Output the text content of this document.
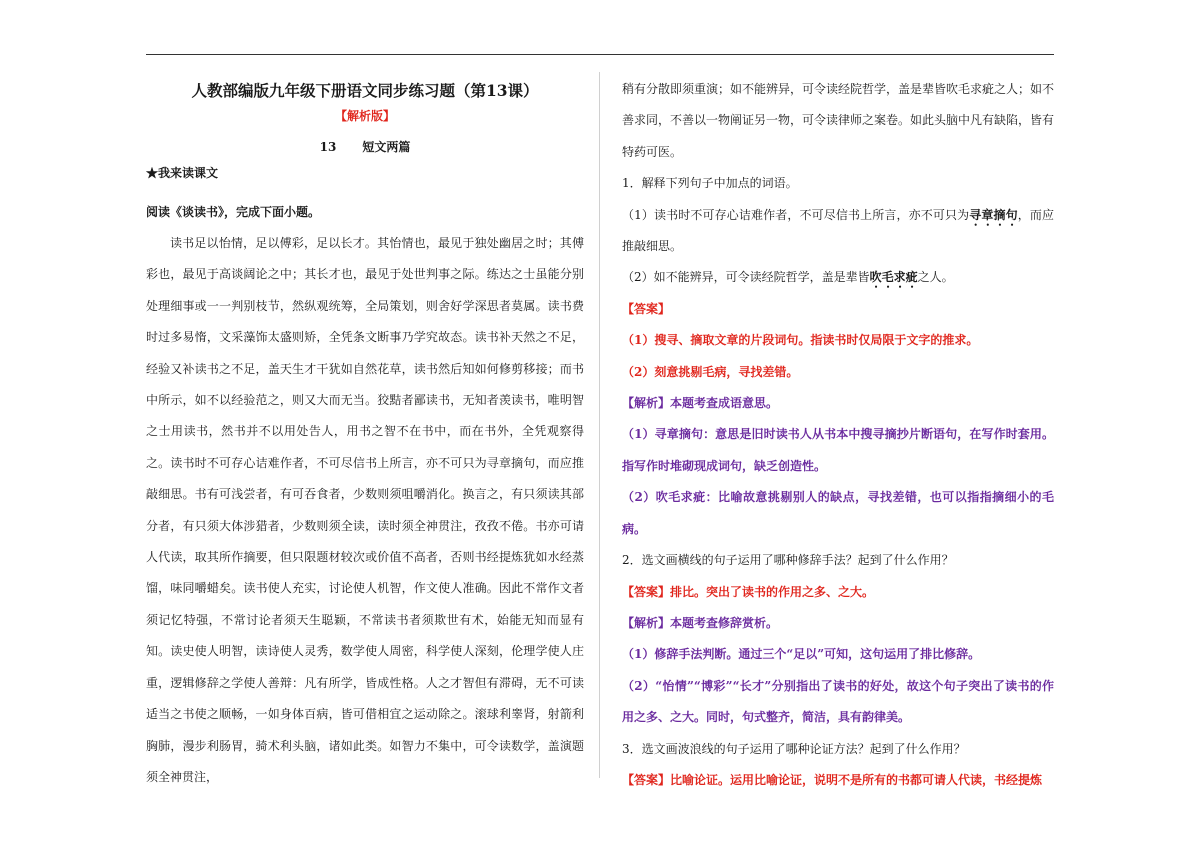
人教部编版九年级下册语文同步练习题（第13课）
【解析版】
13 短文两篇
★我来读课文
阅读《谈读书》，完成下面小题。

读书足以怡情，足以傅彩，足以长才。其怡情也，最见于独处幽居之时；其傅彩也，最见于高谈阔论之中；其长才也，最见于处世判事之际。练达之士虽能分别处理细事或一一判别枝节，然纵观统筹，全局策划，则舍好学深思者莫属。读书费时过多易惰，文采藻饰太盛则矫，全凭条文断事乃学究故态。读书补天然之不足，经验又补读书之不足，盖天生才干犹如自然花草，读书然后知如何修剪移接；而书中所示，如不以经验范之，则又大而无当。狡黠者鄙读书，无知者羡读书，唯明智之士用读书，然书并不以用处告人，用书之智不在书中，而在书外，全凭观察得之。读书时不可存心诘难作者，不可尽信书上所言，亦不可只为寻章摘句，而应推敲细思。书有可浅尝者，有可吞食者，少数则须咀嚼消化。换言之，有只须读其部分者，有只须大体涉猎者，少数则须全读，读时须全神贯注，孜孜不倦。书亦可请人代读，取其所作摘要，但只限题材较次或价值不高者，否则书经提炼犹如水经蒸馏，味同嚼蜡矣。读书使人充实，讨论使人机智，作文使人准确。因此不常作文者须记忆特强，不常讨论者须天生聪颖，不常读书者须欺世有术，始能无知而显有知。读史使人明智，读诗使人灵秀，数学使人周密，科学使人深刻，伦理学使人庄重，逻辑修辞之学使人善辩：凡有所学，皆成性格。人之才智但有滞碍，无不可读适当之书使之顺畅，一如身体百病，皆可借相宜之运动除之。滚球利睾肾，射箭利胸肺，漫步利肠胃，骑术利头脑，诸如此类。如智力不集中，可令读数学，盖演题须全神贯注，

稍有分散即须重演；如不能辨异，可令读经院哲学，盖是辈皆吹毛求疵之人；如不善求同，不善以一物阐证另一物，可令读律师之案卷。如此头脑中凡有缺陷，皆有特药可医。

1．解释下列句子中加点的词语。

（1）读书时不可存心诘难作者，不可尽信书上所言，亦不可只为寻章摘句，而应推敲细思。

（2）如不能辨异，可令读经院哲学，盖是辈皆吹毛求疵之人。

【答案】

（1）搜寻、摘取文章的片段词句。指读书时仅局限于文字的推求。

（2）刻意挑剔毛病，寻找差错。

【解析】本题考查成语意思。

（1）寻章摘句：意思是旧时读书人从书本中搜寻摘抄片断语句，在写作时套用。指写作时堆砌现成词句，缺乏创造性。

（2）吹毛求疵：比喻故意挑剔别人的缺点，寻找差错，也可以指指摘细小的毛病。

2．选文画横线的句子运用了哪种修辞手法？起到了什么作用？

【答案】排比。突出了读书的作用之多、之大。

【解析】本题考查修辞赏析。

（1）修辞手法判断。通过三个“足以”可知，这句运用了排比修辞。

（2）“怡情”“博彩”“长才”分别指出了读书的好处，故这个句子突出了读书的作用之多、之大。同时，句式整齐，简洁，具有韵律美。

3．选文画波浪线的句子运用了哪种论证方法？起到了什么作用？

【答案】比喻论证。运用比喻论证，说明不是所有的书都可请人代读，书经提炼
